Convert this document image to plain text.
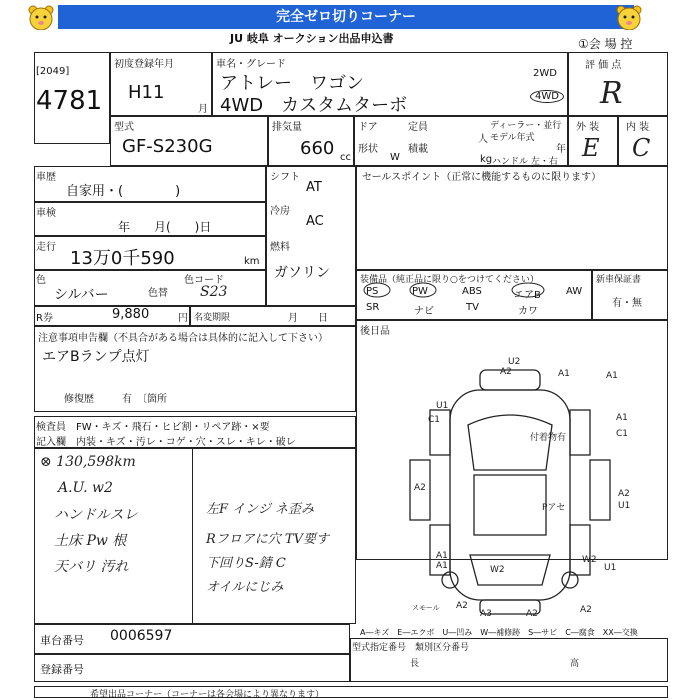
完全ゼロ切りコーナー
JU 岐阜 オークション出品申込書	①会 場 控
[2049]
4781
初度登録年月
H11
月
車名・グレード
アトレー　ワゴン
4WD　カスタムターボ
2WD
4WD
評 価 点
R
型式
GF-S230G
排気量
660 cc
ドア	定員
人
ディーラー・並行
モデル年式
形状	積載
W	kg ハンドル 左・右
年
外 装	内 装
E C
車歴
自家用・(　　　　)
車検
年　　月(　　)日
走行
13万0千590	km
色
シルバー	色替
色コード
S23
シフト
AT
冷房
AC
燃料
ガソリン
セールスポイント（正常に機能するものに限ります）
装備品（純正品に限り○をつけてください）
PS	PW	ABS	エアB	AW
SR	ナビ	TV	カワ
新車保証書
有・無
R券	9,880	円 名変期限	月　　日
後日品
注意事項申告欄（不具合がある場合は具体的に記入して下さい）
エアBランプ点灯
修復歴	有　〔箇所
検査員
記入欄
FW・キズ・飛石・ヒビ割・リペア跡・×要
内装・キズ・汚レ・コゲ・穴・スレ・キレ・破レ
⊗ 130,598km
A.U. w2
ハンドルスレ
土床 Pw 根
天バリ 汚れ
左F インジ ネ歪み
Rフロアに穴 TV要す
下回りS-錆 C
オイルにじみ
U2
A2	A1	A1
U1
C1	A1
C1
付着物有
A2
U1
A2
Pアセ
A1
A1	W2
W2
U1
A2
A3	A2	A2
スモール
A―キズ　E―エクボ　U―凹み　W―補修跡　S―サビ　C―腐食　XX―交換
車台番号 0006597
登録番号
型式指定番号　類別区分番号
長	高
希望出品コーナー（コーナーは各会場により異なります）
